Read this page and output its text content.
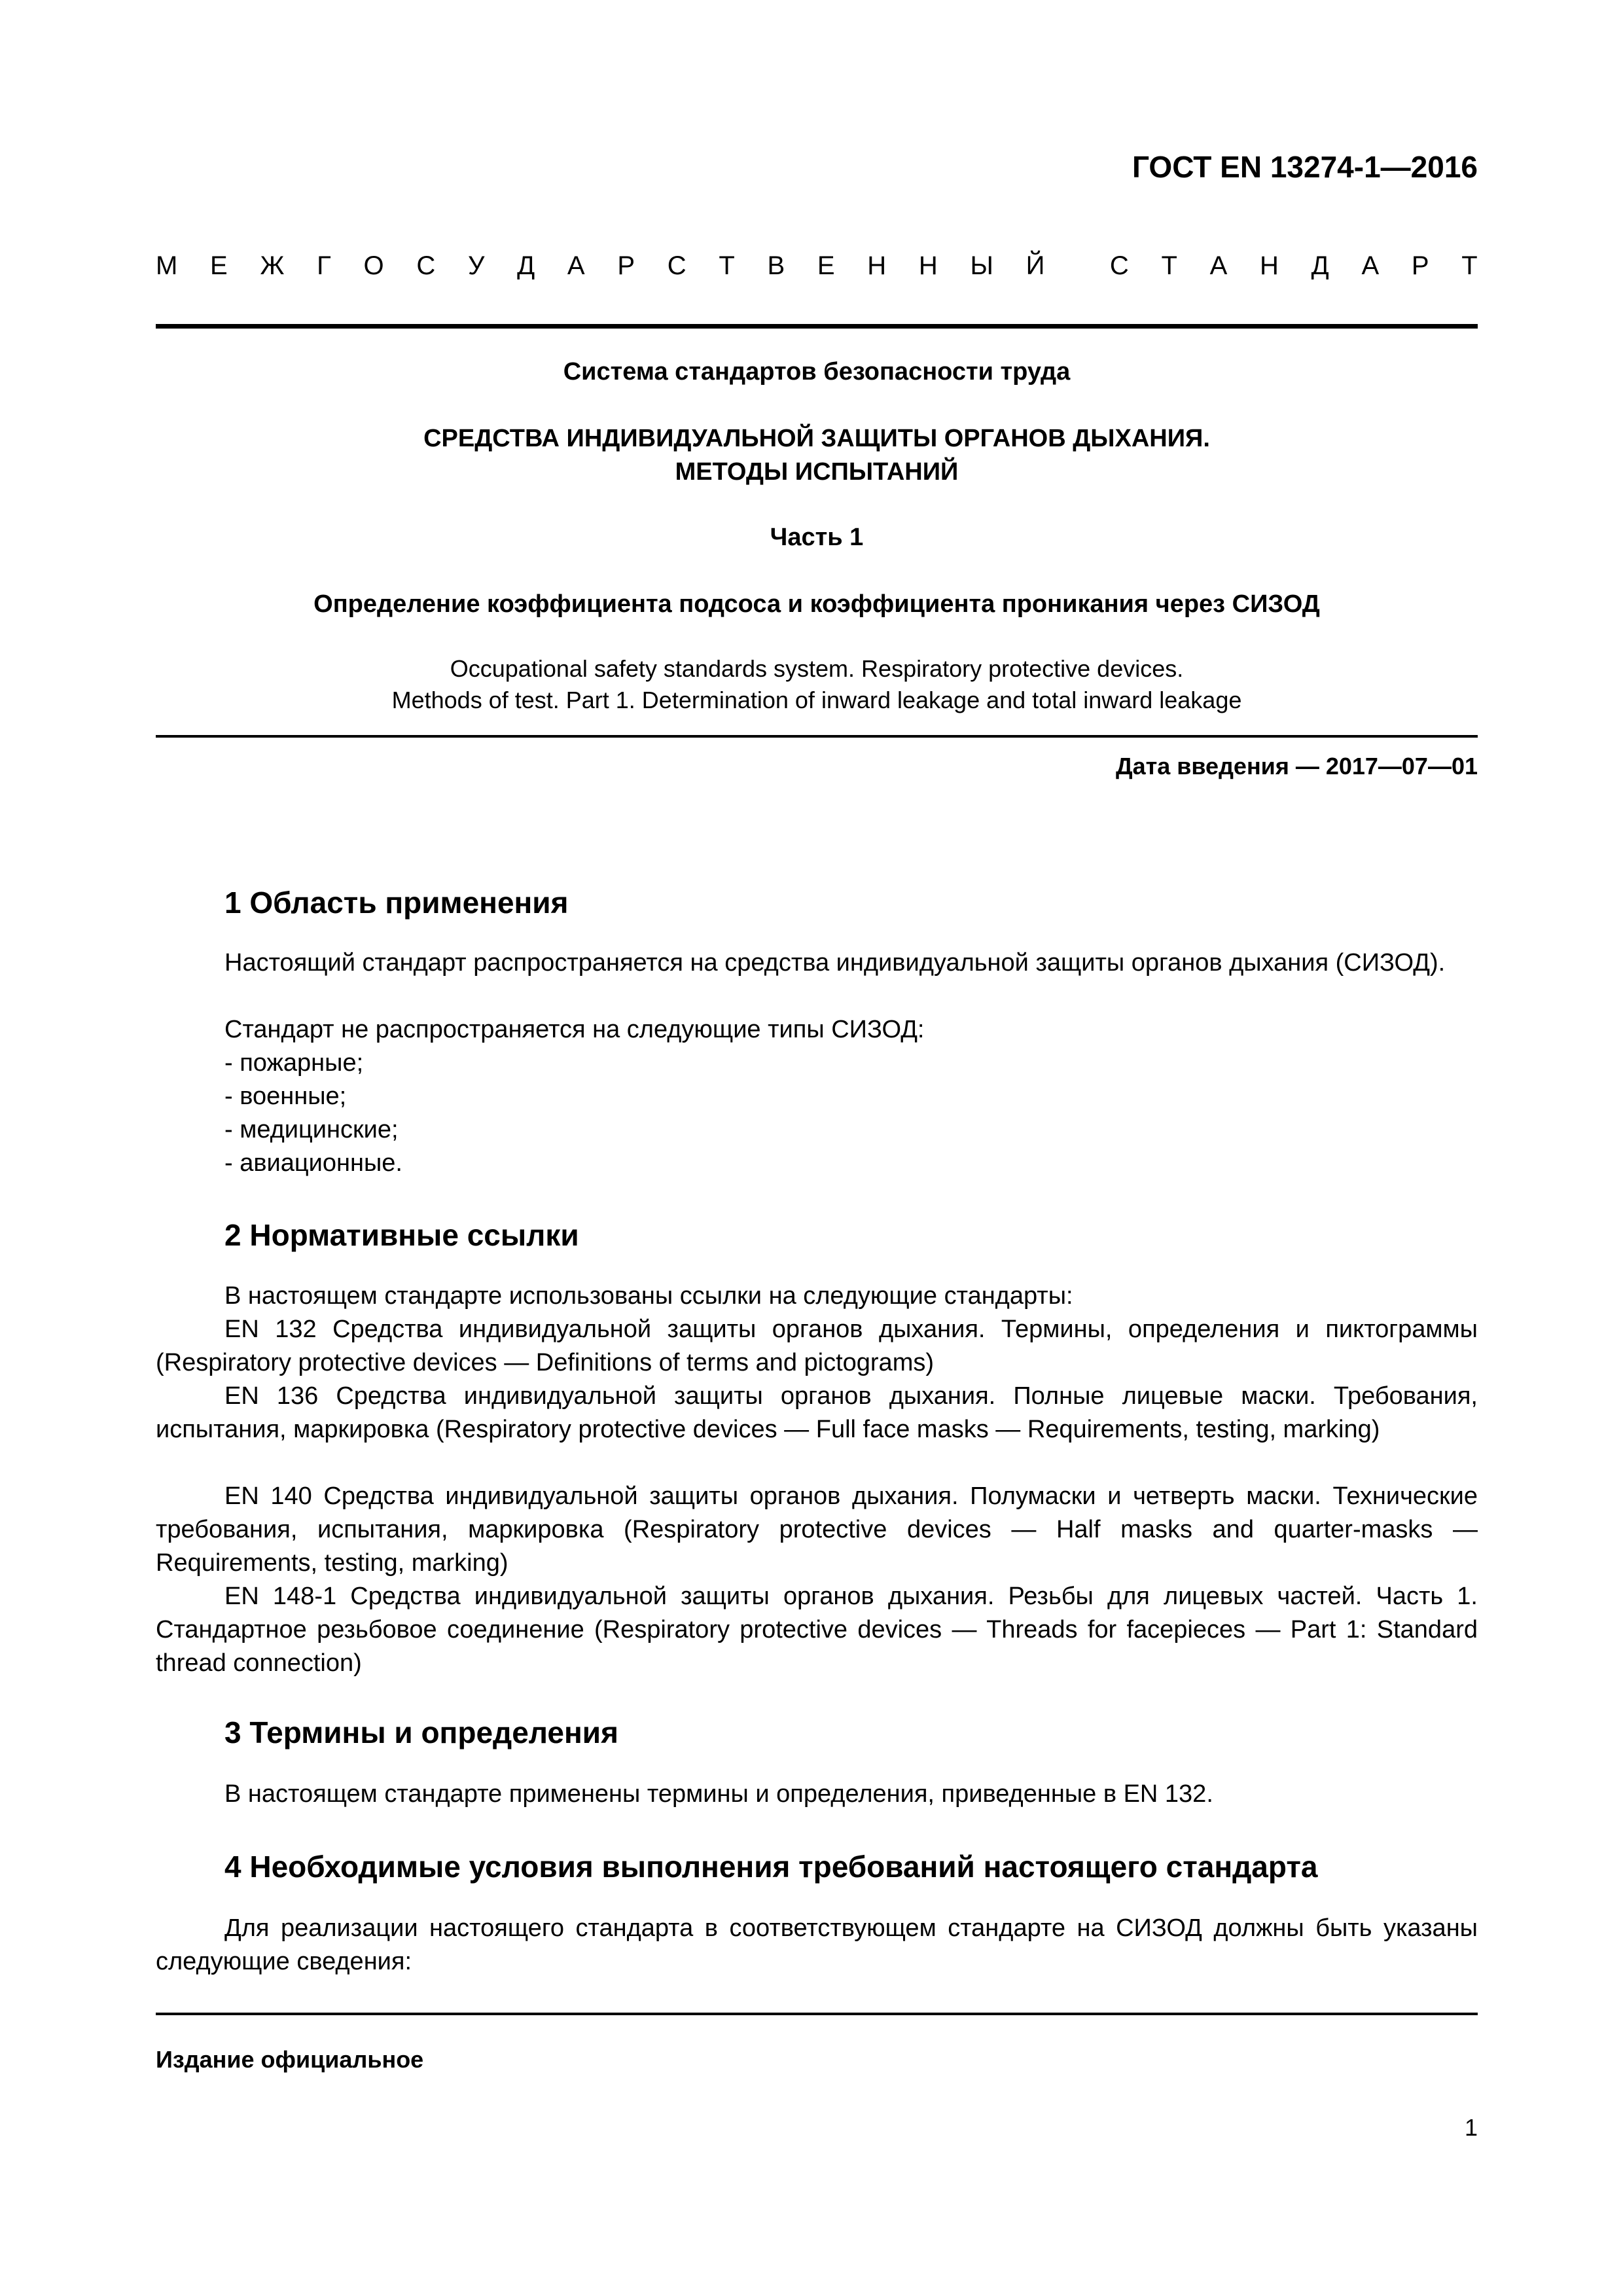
ГОСТ EN 13274-1—2016
М Е Ж Г О С У Д А Р С Т В Е Н Н Ы Й С Т А Н Д А Р Т
Система стандартов безопасности труда
СРЕДСТВА ИНДИВИДУАЛЬНОЙ ЗАЩИТЫ ОРГАНОВ ДЫХАНИЯ.
МЕТОДЫ ИСПЫТАНИЙ
Часть 1
Определение коэффициента подсоса и коэффициента проникания через СИЗОД
Occupational safety standards system. Respiratory protective devices.
Methods of test. Part 1. Determination of inward leakage and total inward leakage
Дата введения — 2017—07—01
1 Область применения
Настоящий стандарт распространяется на средства индивидуальной защиты органов дыхания (СИЗОД).
Стандарт не распространяется на следующие типы СИЗОД:
- пожарные;
- военные;
- медицинские;
- авиационные.
2 Нормативные ссылки
В настоящем стандарте использованы ссылки на следующие стандарты:
EN 132 Средства индивидуальной защиты органов дыхания. Термины, определения и пиктограммы (Respiratory protective devices — Definitions of terms and pictograms)
EN 136 Средства индивидуальной защиты органов дыхания. Полные лицевые маски. Требования, испытания, маркировка (Respiratory protective devices — Full face masks — Requirements, testing, marking)
EN 140 Средства индивидуальной защиты органов дыхания. Полумаски и четверть маски. Технические требования, испытания, маркировка (Respiratory protective devices — Half masks and quarter-masks — Requirements, testing, marking)
EN 148-1 Средства индивидуальной защиты органов дыхания. Резьбы для лицевых частей. Часть 1. Стандартное резьбовое соединение (Respiratory protective devices — Threads for facepieces — Part 1: Standard thread connection)
3 Термины и определения
В настоящем стандарте применены термины и определения, приведенные в EN 132.
4 Необходимые условия выполнения требований настоящего стандарта
Для реализации настоящего стандарта в соответствующем стандарте на СИЗОД должны быть указаны следующие сведения:
Издание официальное
1
